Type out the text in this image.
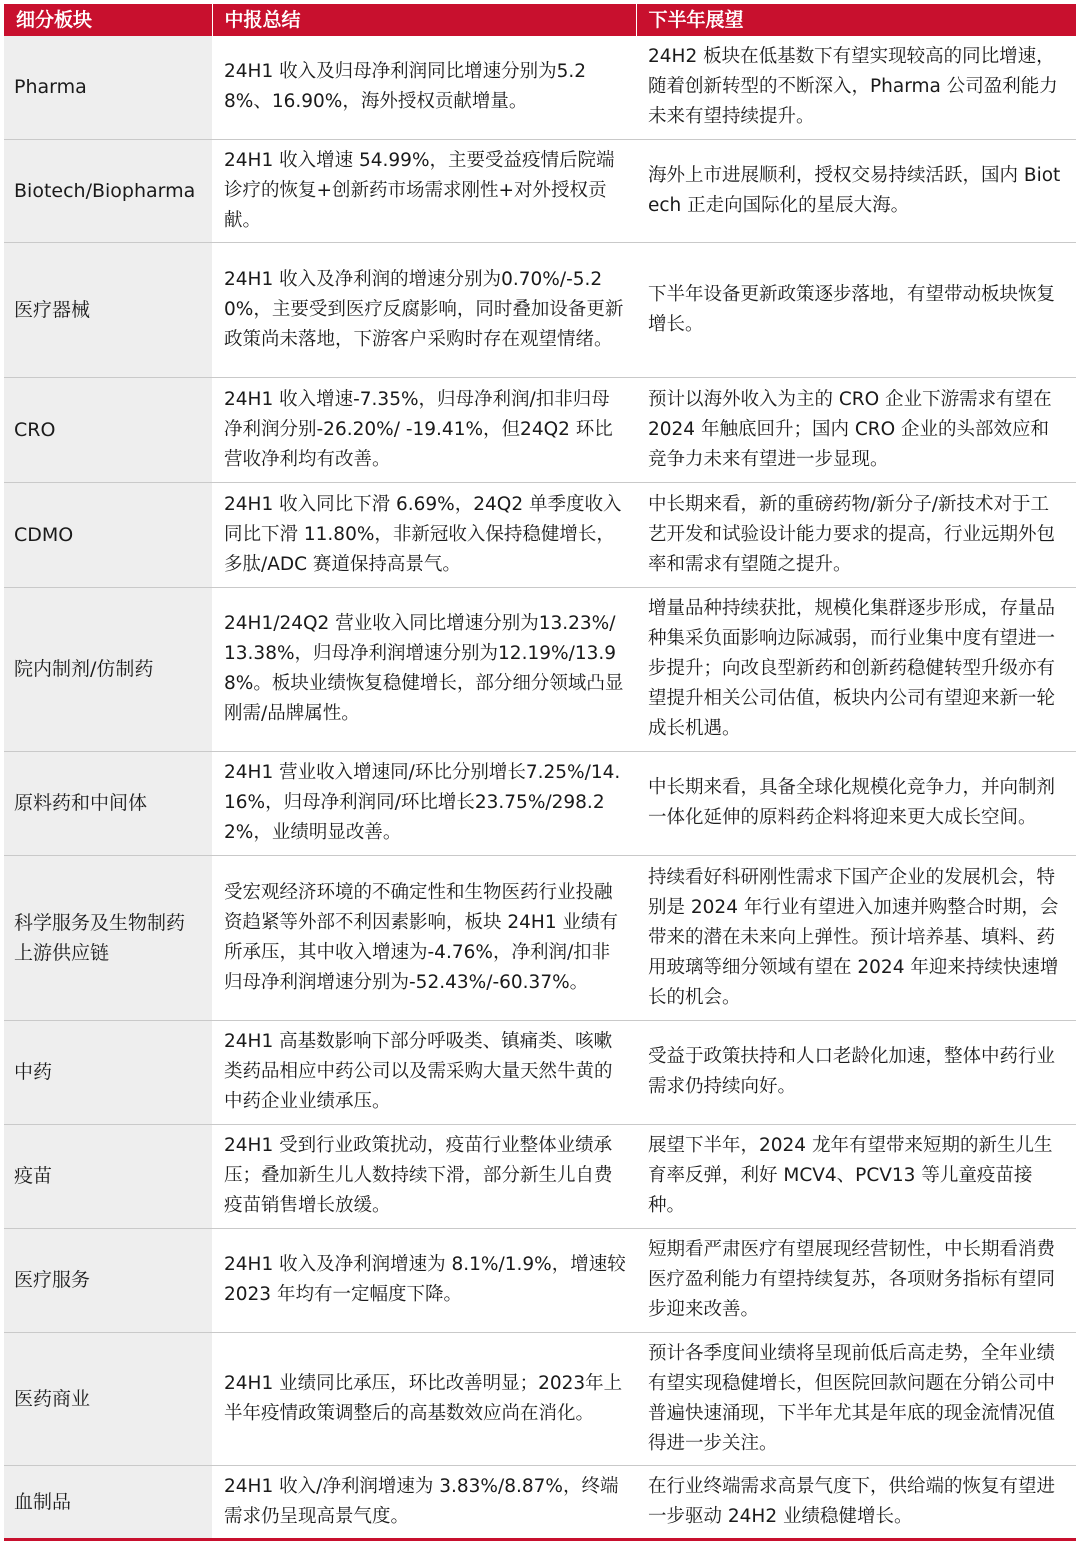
细分板块	中报总结	下半年展望
Pharma	24H1 收入及归母净利润同比增速分别为5.28%、16.90%，海外授权贡献增量。	24H2 板块在低基数下有望实现较高的同比增速，随着创新转型的不断深入，Pharma 公司盈利能力未来有望持续提升。
Biotech/Biopharma	24H1 收入增速 54.99%，主要受益疫情后院端诊疗的恢复+创新药市场需求刚性+对外授权贡献。	海外上市进展顺利，授权交易持续活跃，国内 Biotech 正走向国际化的星辰大海。
医疗器械	24H1 收入及净利润的增速分别为0.70%/-5.20%，主要受到医疗反腐影响，同时叠加设备更新政策尚未落地，下游客户采购时存在观望情绪。	下半年设备更新政策逐步落地，有望带动板块恢复增长。
CRO	24H1 收入增速-7.35%，归母净利润/扣非归母净利润分别-26.20%/ -19.41%，但24Q2 环比营收净利均有改善。	预计以海外收入为主的 CRO 企业下游需求有望在 2024 年触底回升；国内 CRO 企业的头部效应和竞争力未来有望进一步显现。
CDMO	24H1 收入同比下滑 6.69%，24Q2 单季度收入同比下滑 11.80%，非新冠收入保持稳健增长，多肽/ADC 赛道保持高景气。	中长期来看，新的重磅药物/新分子/新技术对于工艺开发和试验设计能力要求的提高，行业远期外包率和需求有望随之提升。
院内制剂/仿制药	24H1/24Q2 营业收入同比增速分别为13.23%/13.38%，归母净利润增速分别为12.19%/13.98%。板块业绩恢复稳健增长，部分细分领域凸显刚需/品牌属性。	增量品种持续获批，规模化集群逐步形成，存量品种集采负面影响边际减弱，而行业集中度有望进一步提升；向改良型新药和创新药稳健转型升级亦有望提升相关公司估值，板块内公司有望迎来新一轮成长机遇。
原料药和中间体	24H1 营业收入增速同/环比分别增长7.25%/14.16%，归母净利润同/环比增长23.75%/298.22%，业绩明显改善。	中长期来看，具备全球化规模化竞争力，并向制剂一体化延伸的原料药企料将迎来更大成长空间。
科学服务及生物制药上游供应链	受宏观经济环境的不确定性和生物医药行业投融资趋紧等外部不利因素影响，板块 24H1 业绩有所承压，其中收入增速为-4.76%，净利润/扣非归母净利润增速分别为-52.43%/-60.37%。	持续看好科研刚性需求下国产企业的发展机会，特别是 2024 年行业有望进入加速并购整合时期，会带来的潜在未来向上弹性。预计培养基、填料、药用玻璃等细分领域有望在 2024 年迎来持续快速增长的机会。
中药	24H1 高基数影响下部分呼吸类、镇痛类、咳嗽类药品相应中药公司以及需采购大量天然牛黄的中药企业业绩承压。	受益于政策扶持和人口老龄化加速，整体中药行业需求仍持续向好。
疫苗	24H1 受到行业政策扰动，疫苗行业整体业绩承压；叠加新生儿人数持续下滑，部分新生儿自费疫苗销售增长放缓。	展望下半年，2024 龙年有望带来短期的新生儿生育率反弹，利好 MCV4、PCV13 等儿童疫苗接种。
医疗服务	24H1 收入及净利润增速为 8.1%/1.9%，增速较 2023 年均有一定幅度下降。	短期看严肃医疗有望展现经营韧性，中长期看消费医疗盈利能力有望持续复苏，各项财务指标有望同步迎来改善。
医药商业	24H1 业绩同比承压，环比改善明显；2023年上半年疫情政策调整后的高基数效应尚在消化。	预计各季度间业绩将呈现前低后高走势，全年业绩有望实现稳健增长，但医院回款问题在分销公司中普遍快速涌现，下半年尤其是年底的现金流情况值得进一步关注。
血制品	24H1 收入/净利润增速为 3.83%/8.87%，终端需求仍呈现高景气度。	在行业终端需求高景气度下，供给端的恢复有望进一步驱动 24H2 业绩稳健增长。
